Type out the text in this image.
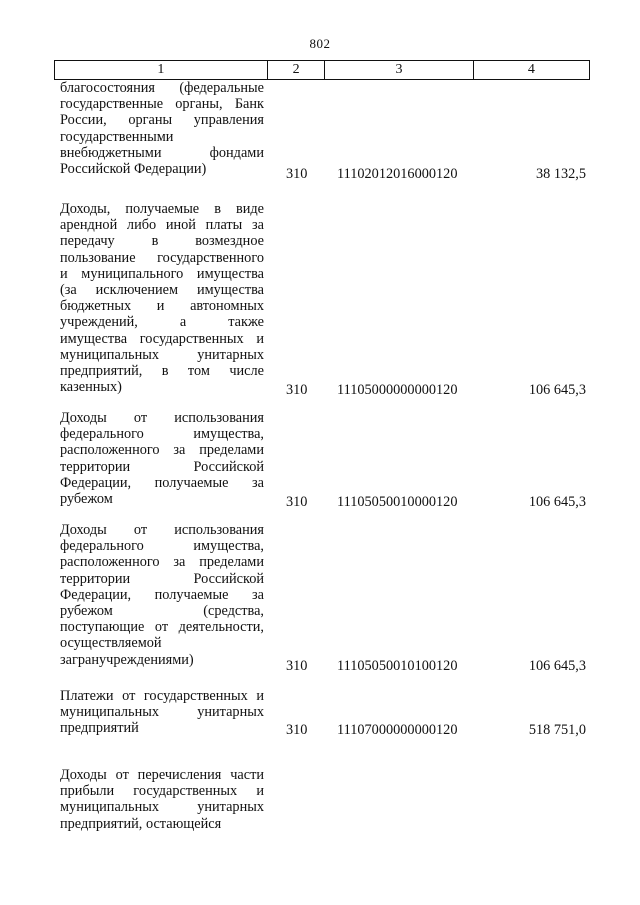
802
1	2	3	4
благосостояния (федеральные
государственные органы, Банк
России, органы управления
государственными
внебюджетными фондами
Российской Федерации)	310	11102012016000120	38 132,5
Доходы, получаемые в виде
арендной либо иной платы за
передачу в возмездное
пользование государственного
и муниципального имущества
(за исключением имущества
бюджетных и автономных
учреждений, а также
имущества государственных и
муниципальных унитарных
предприятий, в том числе
казенных)	310	11105000000000120	106 645,3
Доходы от использования
федерального имущества,
расположенного за пределами
территории Российской
Федерации, получаемые за
рубежом	310	11105050010000120	106 645,3
Доходы от использования
федерального имущества,
расположенного за пределами
территории Российской
Федерации, получаемые за
рубежом (средства,
поступающие от деятельности,
осуществляемой
загранучреждениями)	310	11105050010100120	106 645,3
Платежи от государственных и
муниципальных унитарных
предприятий	310	11107000000000120	518 751,0
Доходы от перечисления части
прибыли государственных и
муниципальных унитарных
предприятий, остающейся
